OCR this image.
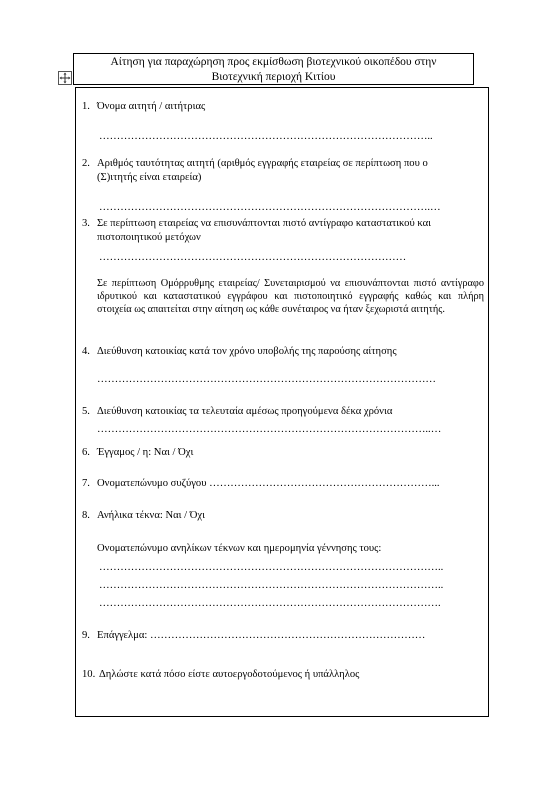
Αίτηση για παραχώρηση προς εκμίσθωση βιοτεχνικού οικοπέδου στην
Βιοτεχνική περιοχή Κιτίου
1. Όνομα αιτητή / αιτήτριας
…………………………………………………………………………………..
2. Αριθμός ταυτότητας αιτητή (αριθμός εγγραφής εταιρείας σε περίπτωση που ο
(Σ)ιτητής είναι εταιρεία)
………………………………………………………………………………….…
3. Σε περίπτωση εταιρείας να επισυνάπτονται πιστό αντίγραφο καταστατικού και
πιστοποιητικού μετόχων
……………………………………………………………………………
Σε περίπτωση Ομόρρυθμης εταιρείας/ Συνεταιρισμού να επισυνάπτονται πιστό αντίγραφο ιδρυτικού και καταστατικού εγγράφου και πιστοποιητικό εγγραφής καθώς και πλήρη στοιχεία ως απαιτείται στην αίτηση ως κάθε συνέταιρος να ήταν ξεχωριστά αιτητής.
4. Διεύθυνση κατοικίας κατά τον χρόνο υποβολής της παρούσης αίτησης
……………………………………………………………………………………
5. Διεύθυνση κατοικίας τα τελευταία αμέσως προηγούμενα δέκα χρόνια
…………………………………………………………………………………..…
6. Έγγαμος / η: Ναι / Όχι
7. Ονοματεπώνυμο συζύγου ………………………………………………………...
8. Ανήλικα τέκνα: Ναι / Όχι
Ονοματεπώνυμο ανηλίκων τέκνων και ημερομηνία γέννησης τους:
……………………………………………………………………………………..
……………………………………………………………………………………..
…………………………………………………………………………………….
9. Επάγγελμα: ……………………………………………………………………
10. Δηλώστε κατά πόσο είστε αυτοεργοδοτούμενος ή υπάλληλος
